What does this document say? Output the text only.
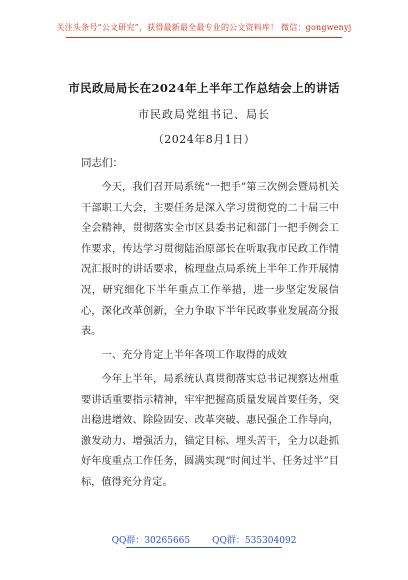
关注头条号“公文研究”，获得最新最全最专业的公文资料库！ 微信：gongwenyj
市民政局局长在2024年上半年工作总结会上的讲话
市民政局党组书记、局长
（2024年8月1日）
同志们：

今天，我们召开局系统“一把手”第三次例会暨局机关干部职工大会，主要任务是深入学习贯彻党的二十届三中全会精神，贯彻落实全市区县委书记和部门一把手例会工作要求，传达学习贯彻陆治原部长在听取我市民政工作情况汇报时的讲话要求，梳理盘点局系统上半年工作开展情况，研究细化下半年重点工作举措，进一步坚定发展信心，深化改革创新，全力争取下半年民政事业发展高分报表。

一、充分肯定上半年各项工作取得的成效

今年上半年，局系统认真贯彻落实总书记视察达州重要讲话重要指示精神，牢牢把握高质量发展首要任务，突出稳进增效、除险固安、改革突破、惠民强企工作导向，激发动力、增强活力，锚定目标、埋头苦干，全力以赴抓好年度重点工作任务，圆满实现“时间过半、任务过半”目标，值得充分肯定。

QQ群：30265665 QQ群：535304092
